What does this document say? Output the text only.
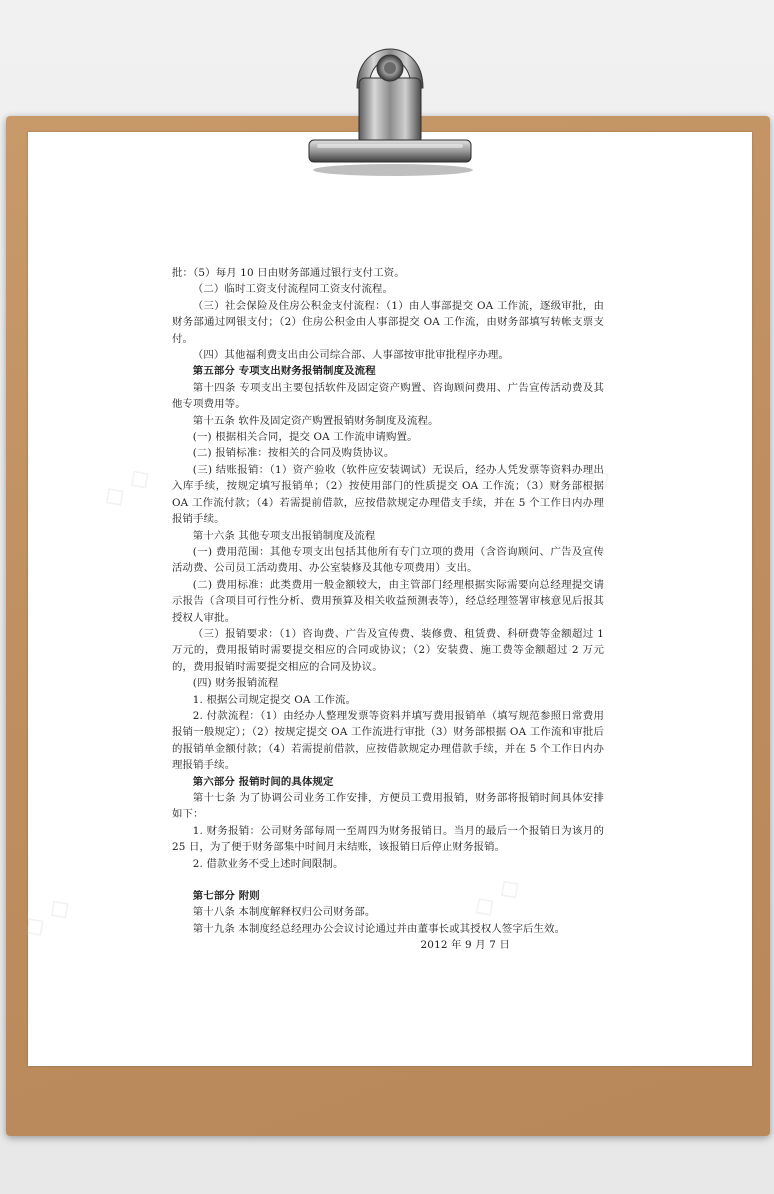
批：（5）每月 10 日由财务部通过银行支付工资。

（二）临时工资支付流程同工资支付流程。

（三）社会保险及住房公积金支付流程：（1）由人事部提交 OA 工作流，逐级审批，由财务部通过网银支付；（2）住房公积金由人事部提交 OA 工作流，由财务部填写转帐支票支付。

（四）其他福利费支出由公司综合部、人事部按审批审批程序办理。

第五部分 专项支出财务报销制度及流程

第十四条 专项支出主要包括软件及固定资产购置、咨询顾问费用、广告宣传活动费及其他专项费用等。

第十五条 软件及固定资产购置报销财务制度及流程。

(一) 根据相关合同，提交 OA 工作流申请购置。

(二) 报销标准：按相关的合同及购货协议。

(三) 结账报销：（1）资产验收（软件应安装调试）无误后，经办人凭发票等资料办理出入库手续，按规定填写报销单；（2）按使用部门的性质提交 OA 工作流；（3）财务部根据 OA 工作流付款；（4）若需提前借款，应按借款规定办理借支手续，并在 5 个工作日内办理报销手续。

第十六条 其他专项支出报销制度及流程

(一) 费用范围：其他专项支出包括其他所有专门立项的费用（含咨询顾问、广告及宣传活动费、公司员工活动费用、办公室装修及其他专项费用）支出。

(二) 费用标准：此类费用一般金额较大，由主管部门经理根据实际需要向总经理提交请示报告（含项目可行性分析、费用预算及相关收益预测表等），经总经理签署审核意见后报其授权人审批。

（三）报销要求：（1）咨询费、广告及宣传费、装修费、租赁费、科研费等金额超过 1 万元的，费用报销时需要提交相应的合同或协议；（2）安装费、施工费等金额超过 2 万元的，费用报销时需要提交相应的合同及协议。

(四) 财务报销流程

1. 根据公司规定提交 OA 工作流。

2. 付款流程：（1）由经办人整理发票等资料并填写费用报销单（填写规范参照日常费用报销一般规定）；（2）按规定提交 OA 工作流进行审批（3）财务部根据 OA 工作流和审批后的报销单金额付款；（4）若需提前借款，应按借款规定办理借款手续，并在 5 个工作日内办理报销手续。

第六部分 报销时间的具体规定

第十七条 为了协调公司业务工作安排，方便员工费用报销，财务部将报销时间具体安排如下：

1. 财务报销：公司财务部每周一至周四为财务报销日。当月的最后一个报销日为该月的 25 日，为了便于财务部集中时间月末结账，该报销日后停止财务报销。

2. 借款业务不受上述时间限制。

第七部分 附则

第十八条 本制度解释权归公司财务部。

第十九条 本制度经总经理办公会议讨论通过并由董事长或其授权人签字后生效。

2012 年 9 月 7 日
